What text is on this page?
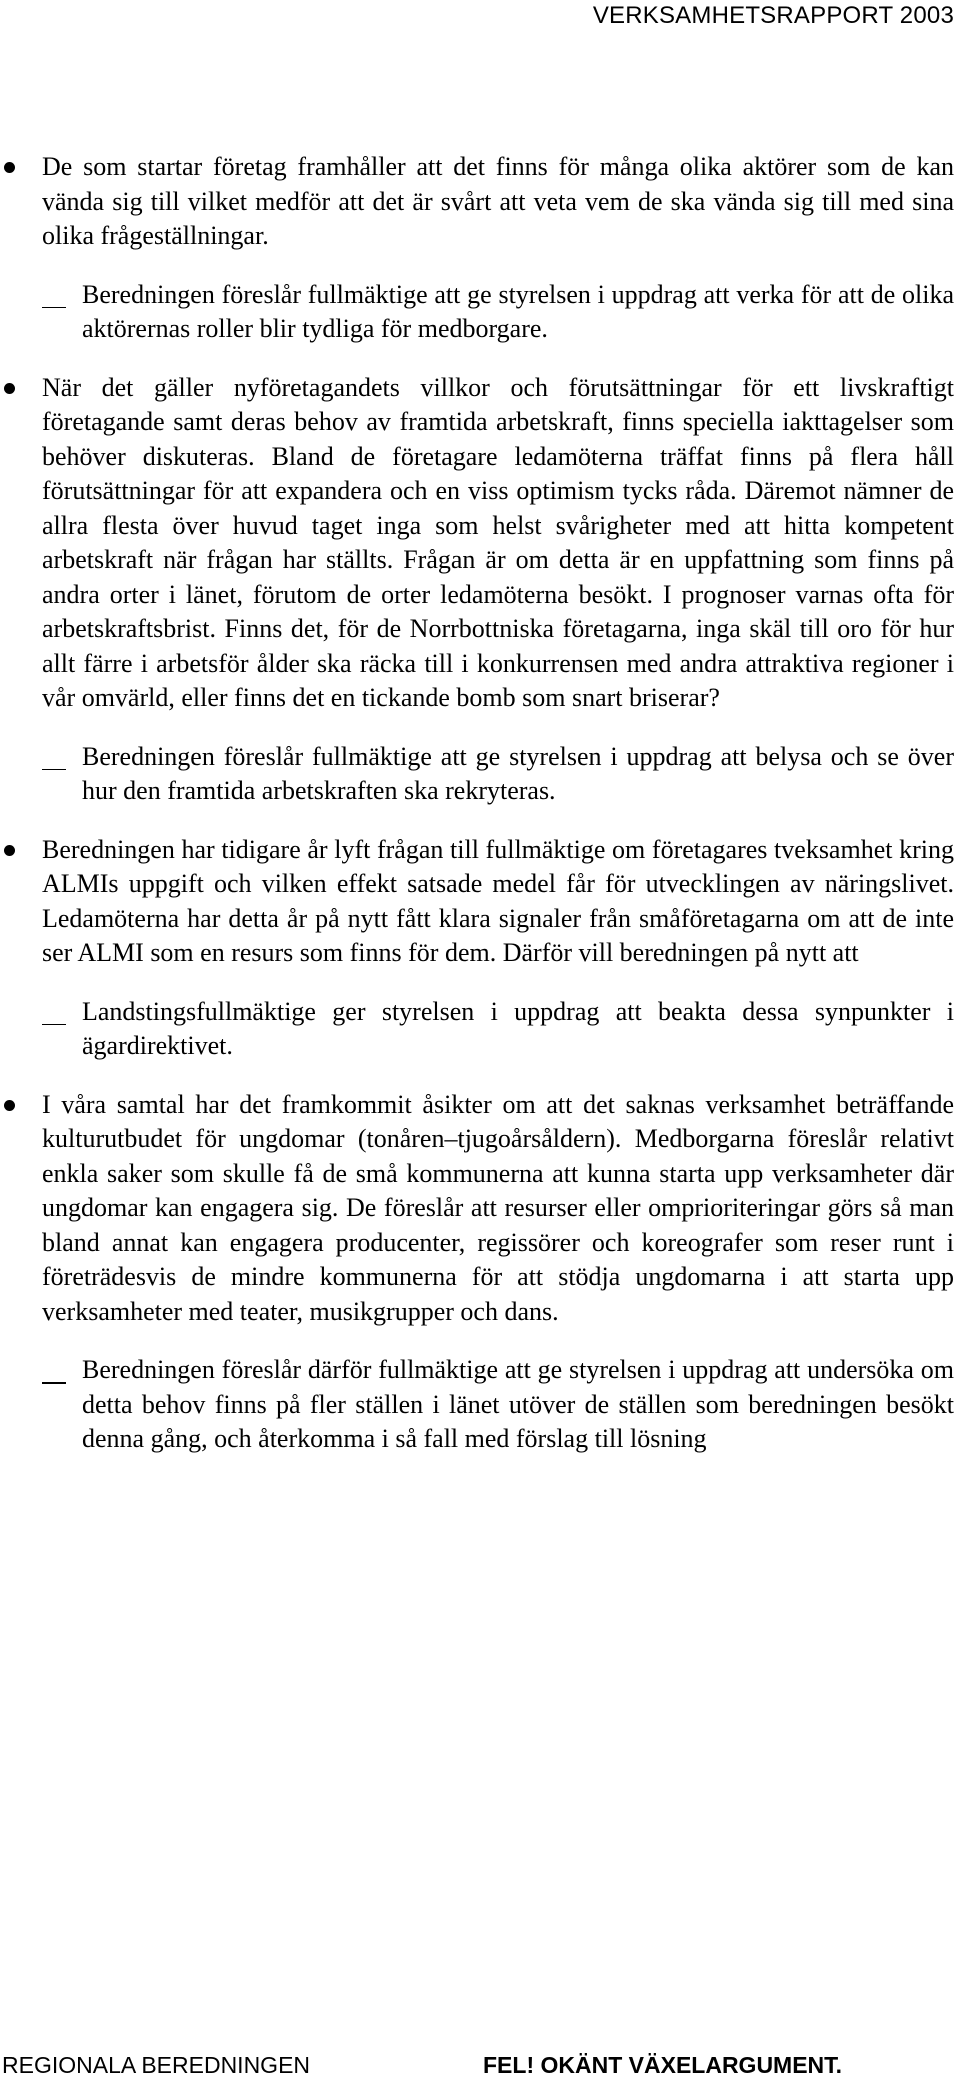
VERKSAMHETSRAPPORT 2003
De som startar företag framhåller att det finns för många olika aktörer som de kan vända sig till vilket medför att det är svårt att veta vem de ska vända sig till med sina olika frågeställningar.
Beredningen föreslår fullmäktige att ge styrelsen i uppdrag att verka för att de olika aktörernas roller blir tydliga för medborgare.
När det gäller nyföretagandets villkor och förutsättningar för ett livskraftigt företagande samt deras behov av framtida arbetskraft, finns speciella iakttagelser som behöver diskuteras. Bland de företagare ledamöterna träffat finns på flera håll förutsättningar för att expandera och en viss optimism tycks råda. Däremot nämner de allra flesta över huvud taget inga som helst svårigheter med att hitta kompetent arbetskraft när frågan har ställts. Frågan är om detta är en uppfattning som finns på andra orter i länet, förutom de orter ledamöterna besökt. I prognoser varnas ofta för arbetskraftsbrist. Finns det, för de Norrbottniska företagarna, inga skäl till oro för hur allt färre i arbetsför ålder ska räcka till i konkurrensen med andra attraktiva regioner i vår omvärld, eller finns det en tickande bomb som snart briserar?
Beredningen föreslår fullmäktige att ge styrelsen i uppdrag att belysa och se över hur den framtida arbetskraften ska rekryteras.
Beredningen har tidigare år lyft frågan till fullmäktige om företagares tveksamhet kring ALMIs uppgift och vilken effekt satsade medel får för utvecklingen av näringslivet. Ledamöterna har detta år på nytt fått klara signaler från småföretagarna om att de inte ser ALMI som en resurs som finns för dem. Därför vill beredningen på nytt att
Landstingsfullmäktige ger styrelsen i uppdrag att beakta dessa synpunkter i ägardirektivet.
I våra samtal har det framkommit åsikter om att det saknas verksamhet beträffande kulturutbudet för ungdomar (tonåren–tjugoårsåldern). Medborgarna föreslår relativt enkla saker som skulle få de små kommunerna att kunna starta upp verksamheter där ungdomar kan engagera sig. De föreslår att resurser eller omprioriteringar görs så man bland annat kan engagera producenter, regissörer och koreografer som reser runt i företrädesvis de mindre kommunerna för att stödja ungdomarna i att starta upp verksamheter med teater, musikgrupper och dans.
Beredningen föreslår därför fullmäktige att ge styrelsen i uppdrag att undersöka om detta behov finns på fler ställen i länet utöver de ställen som beredningen besökt denna gång, och återkomma i så fall med förslag till lösning
REGIONALA BEREDNINGEN	FEL! OKÄNT VÄXELARGUMENT.
